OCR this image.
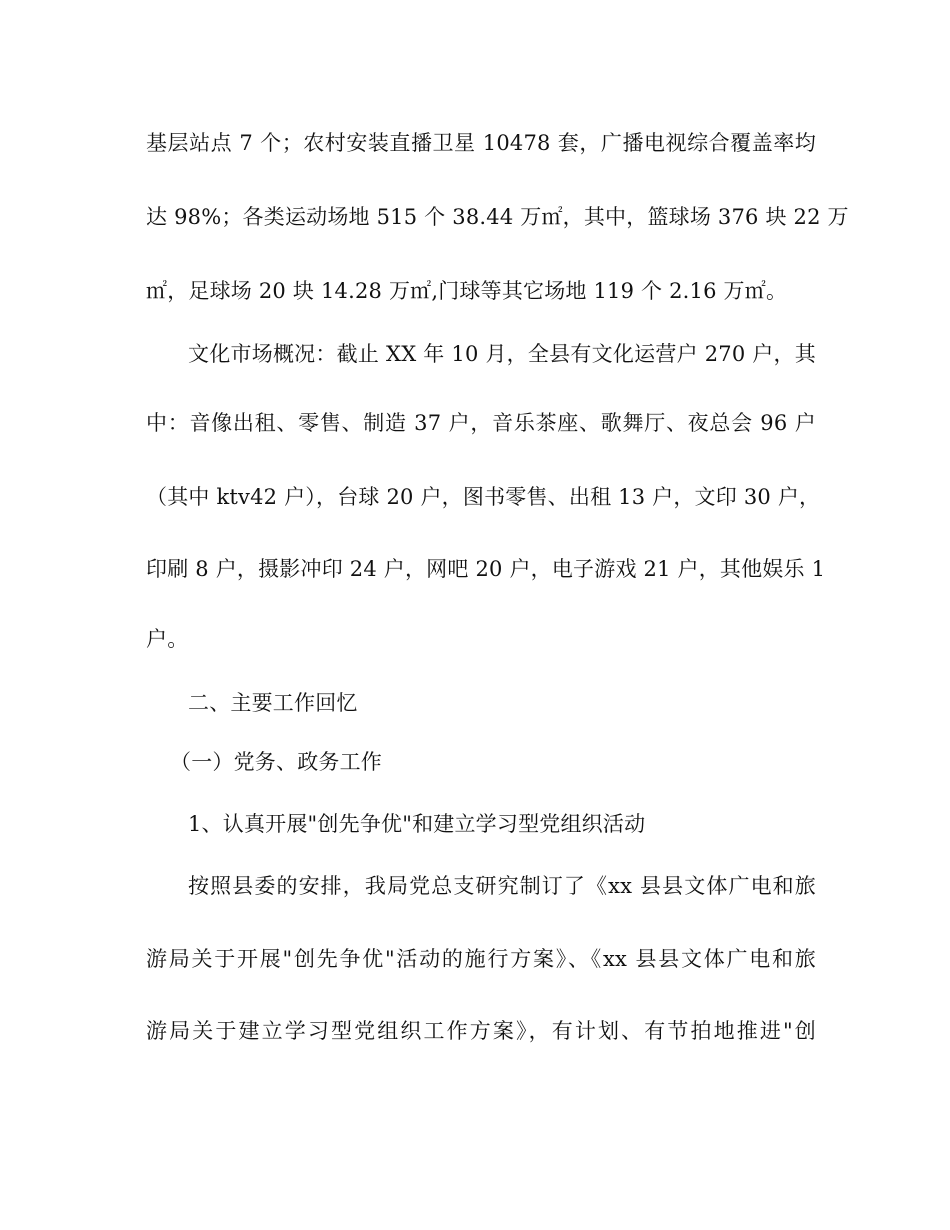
基层站点 7 个；农村安装直播卫星 10478 套，广播电视综合覆盖率均
达 98%；各类运动场地 515 个 38.44 万㎡，其中，篮球场 376 块 22 万
㎡，足球场 20 块 14.28 万㎡,门球等其它场地 119 个 2.16 万㎡。
文化市场概况：截止 XX 年 10 月，全县有文化运营户 270 户，其
中：音像出租、零售、制造 37 户，音乐茶座、歌舞厅、夜总会 96 户
（其中 ktv42 户），台球 20 户，图书零售、出租 13 户，文印 30 户，
印刷 8 户，摄影冲印 24 户，网吧 20 户，电子游戏 21 户，其他娱乐 1
户。
二、主要工作回忆
（一）党务、政务工作
1、认真开展"创先争优"和建立学习型党组织活动
按照县委的安排，我局党总支研究制订了《xx 县县文体广电和旅
游局关于开展"创先争优"活动的施行方案》、《xx 县县文体广电和旅
游局关于建立学习型党组织工作方案》，有计划、有节拍地推进"创
